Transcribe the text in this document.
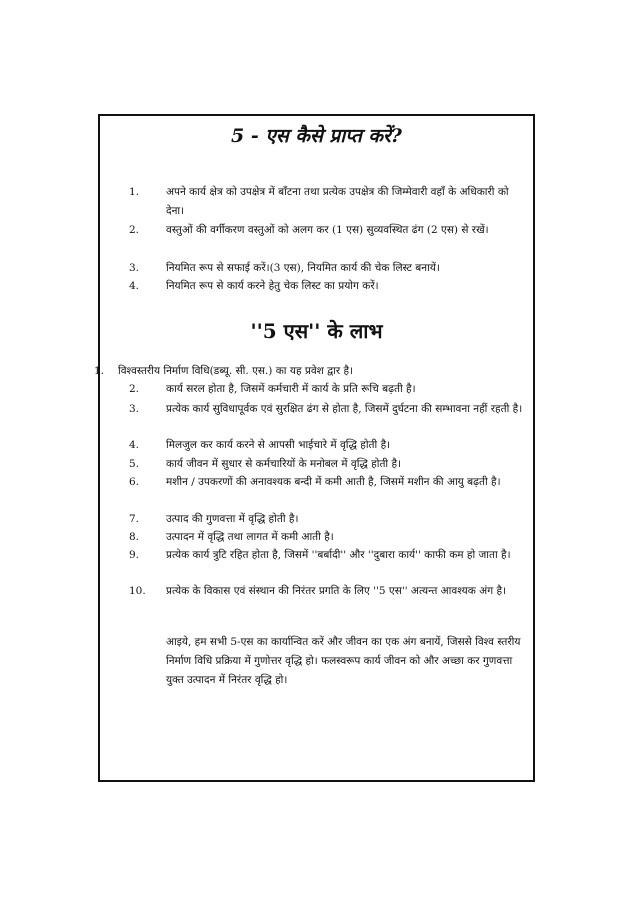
5 - एस कैसे प्राप्त करें?
1.	अपने कार्य क्षेत्र को उपक्षेत्र में बाँटना तथा प्रत्येक उपक्षेत्र की जिम्मेवारी वहाँ के अधिकारी को देना।
2.	वस्तुओं की वर्गीकरण वस्तुओं को अलग कर (1 एस) सुव्यवस्थित ढंग (2 एस) से रखें।
3.	नियमित रूप से सफाई करें।(3 एस), नियमित कार्य की चेक लिस्ट बनायें।
4.	नियमित रूप से कार्य करने हेतु चेक लिस्ट का प्रयोग करें।
''5 एस'' के लाभ
1. विश्वस्तरीय निर्माण विधि(डब्यू. सी. एस.) का यह प्रवेश द्वार है।
2.	कार्य सरल होता है, जिसमें कर्मचारी में कार्य के प्रति रूचि बढ़ती है।
3.	प्रत्येक कार्य सुविधापूर्वक एवं सुरक्षित ढंग से होता है, जिसमें दुर्घटना की सम्भावना नहीं रहती है।
4.	मिलजुल कर कार्य करने से आपसी भाईचारे में वृद्धि होती है।
5.	कार्य जीवन में सुधार से कर्मचारियों के मनोबल में वृद्धि होती है।
6.	मशीन / उपकरणों की अनावश्यक बन्दी में कमी आती है, जिसमें मशीन की आयु बढ़ती है।
7.	उत्पाद की गुणवत्ता में वृद्धि होती है।
8.	उत्पादन में वृद्धि तथा लागत में कमी आती है।
9.	प्रत्येक कार्य त्रुटि रहित होता है, जिसमें ''बर्बादी'' और ''दुबारा कार्य'' काफी कम हो जाता है।
10. प्रत्येक के विकास एवं संस्थान की निरंतर प्रगति के लिए ''5 एस'' अत्यन्त आवश्यक अंग है।
आइये, हम सभी 5-एस का कार्यान्वित करें और जीवन का एक अंग बनायें, जिससे विश्व स्तरीय निर्माण विधि प्रक्रिया में गुणोत्तर वृद्धि हो। फलस्वरूप कार्य जीवन को और अच्छा कर गुणवत्ता युक्त उत्पादन में निरंतर वृद्धि हो।
